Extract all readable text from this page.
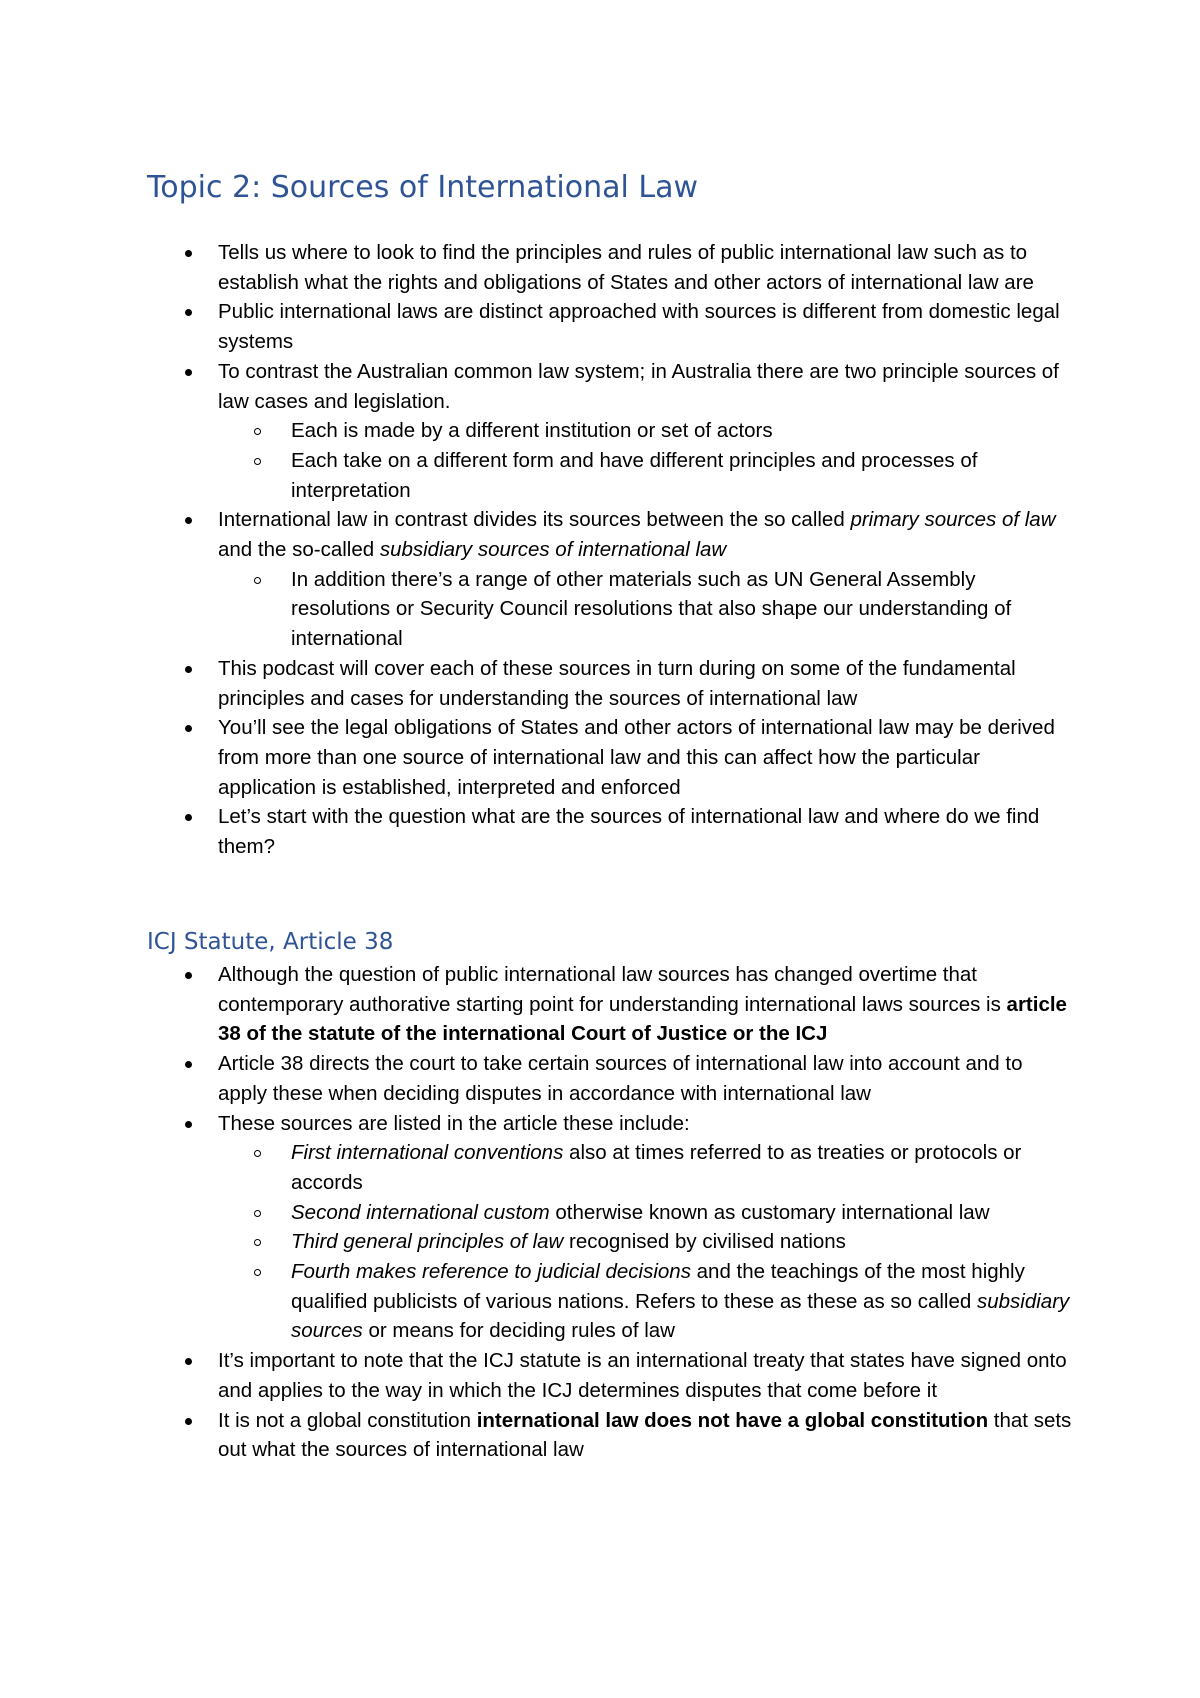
Topic 2: Sources of International Law
Tells us where to look to find the principles and rules of public international law such as to establish what the rights and obligations of States and other actors of international law are
Public international laws are distinct approached with sources is different from domestic legal systems
To contrast the Australian common law system; in Australia there are two principle sources of law cases and legislation.
Each is made by a different institution or set of actors
Each take on a different form and have different principles and processes of interpretation
International law in contrast divides its sources between the so called primary sources of law and the so-called subsidiary sources of international law
In addition there’s a range of other materials such as UN General Assembly resolutions or Security Council resolutions that also shape our understanding of international
This podcast will cover each of these sources in turn during on some of the fundamental principles and cases for understanding the sources of international law
You’ll see the legal obligations of States and other actors of international law may be derived from more than one source of international law and this can affect how the particular application is established, interpreted and enforced
Let’s start with the question what are the sources of international law and where do we find them?
ICJ Statute, Article 38
Although the question of public international law sources has changed overtime that contemporary authorative starting point for understanding international laws sources is article 38 of the statute of the international Court of Justice or the ICJ
Article 38 directs the court to take certain sources of international law into account and to apply these when deciding disputes in accordance with international law
These sources are listed in the article these include:
First international conventions also at times referred to as treaties or protocols or accords
Second international custom otherwise known as customary international law
Third general principles of law recognised by civilised nations
Fourth makes reference to judicial decisions and the teachings of the most highly qualified publicists of various nations. Refers to these as these as so called subsidiary sources or means for deciding rules of law
It’s important to note that the ICJ statute is an international treaty that states have signed onto and applies to the way in which the ICJ determines disputes that come before it
It is not a global constitution international law does not have a global constitution that sets out what the sources of international law
